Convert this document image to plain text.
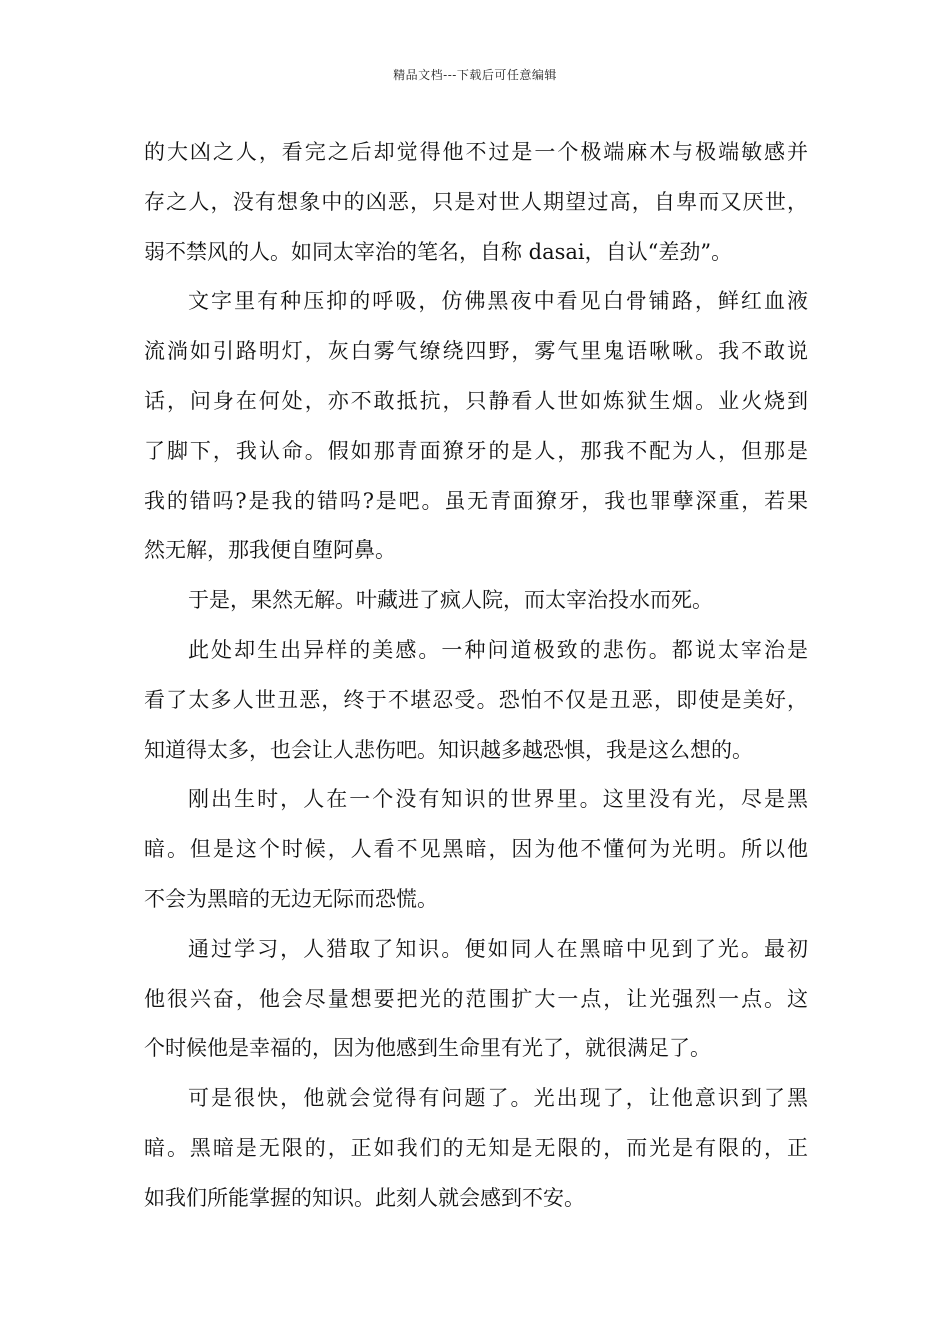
精品文档---下载后可任意编辑
的大凶之人，看完之后却觉得他不过是一个极端麻木与极端敏感并
存之人，没有想象中的凶恶，只是对世人期望过高，自卑而又厌世，
弱不禁风的人。如同太宰治的笔名，自称 dasai，自认“差劲”。
文字里有种压抑的呼吸，仿佛黑夜中看见白骨铺路，鲜红血液
流淌如引路明灯，灰白雾气缭绕四野，雾气里鬼语啾啾。我不敢说
话，问身在何处，亦不敢抵抗，只静看人世如炼狱生烟。业火烧到
了脚下，我认命。假如那青面獠牙的是人，那我不配为人，但那是
我的错吗?是我的错吗?是吧。虽无青面獠牙，我也罪孽深重，若果
然无解，那我便自堕阿鼻。
于是，果然无解。叶藏进了疯人院，而太宰治投水而死。
此处却生出异样的美感。一种问道极致的悲伤。都说太宰治是
看了太多人世丑恶，终于不堪忍受。恐怕不仅是丑恶，即使是美好，
知道得太多，也会让人悲伤吧。知识越多越恐惧，我是这么想的。
刚出生时，人在一个没有知识的世界里。这里没有光，尽是黑
暗。但是这个时候，人看不见黑暗，因为他不懂何为光明。所以他
不会为黑暗的无边无际而恐慌。
通过学习，人猎取了知识。便如同人在黑暗中见到了光。最初
他很兴奋，他会尽量想要把光的范围扩大一点，让光强烈一点。这
个时候他是幸福的，因为他感到生命里有光了，就很满足了。
可是很快，他就会觉得有问题了。光出现了，让他意识到了黑
暗。黑暗是无限的，正如我们的无知是无限的，而光是有限的，正
如我们所能掌握的知识。此刻人就会感到不安。
